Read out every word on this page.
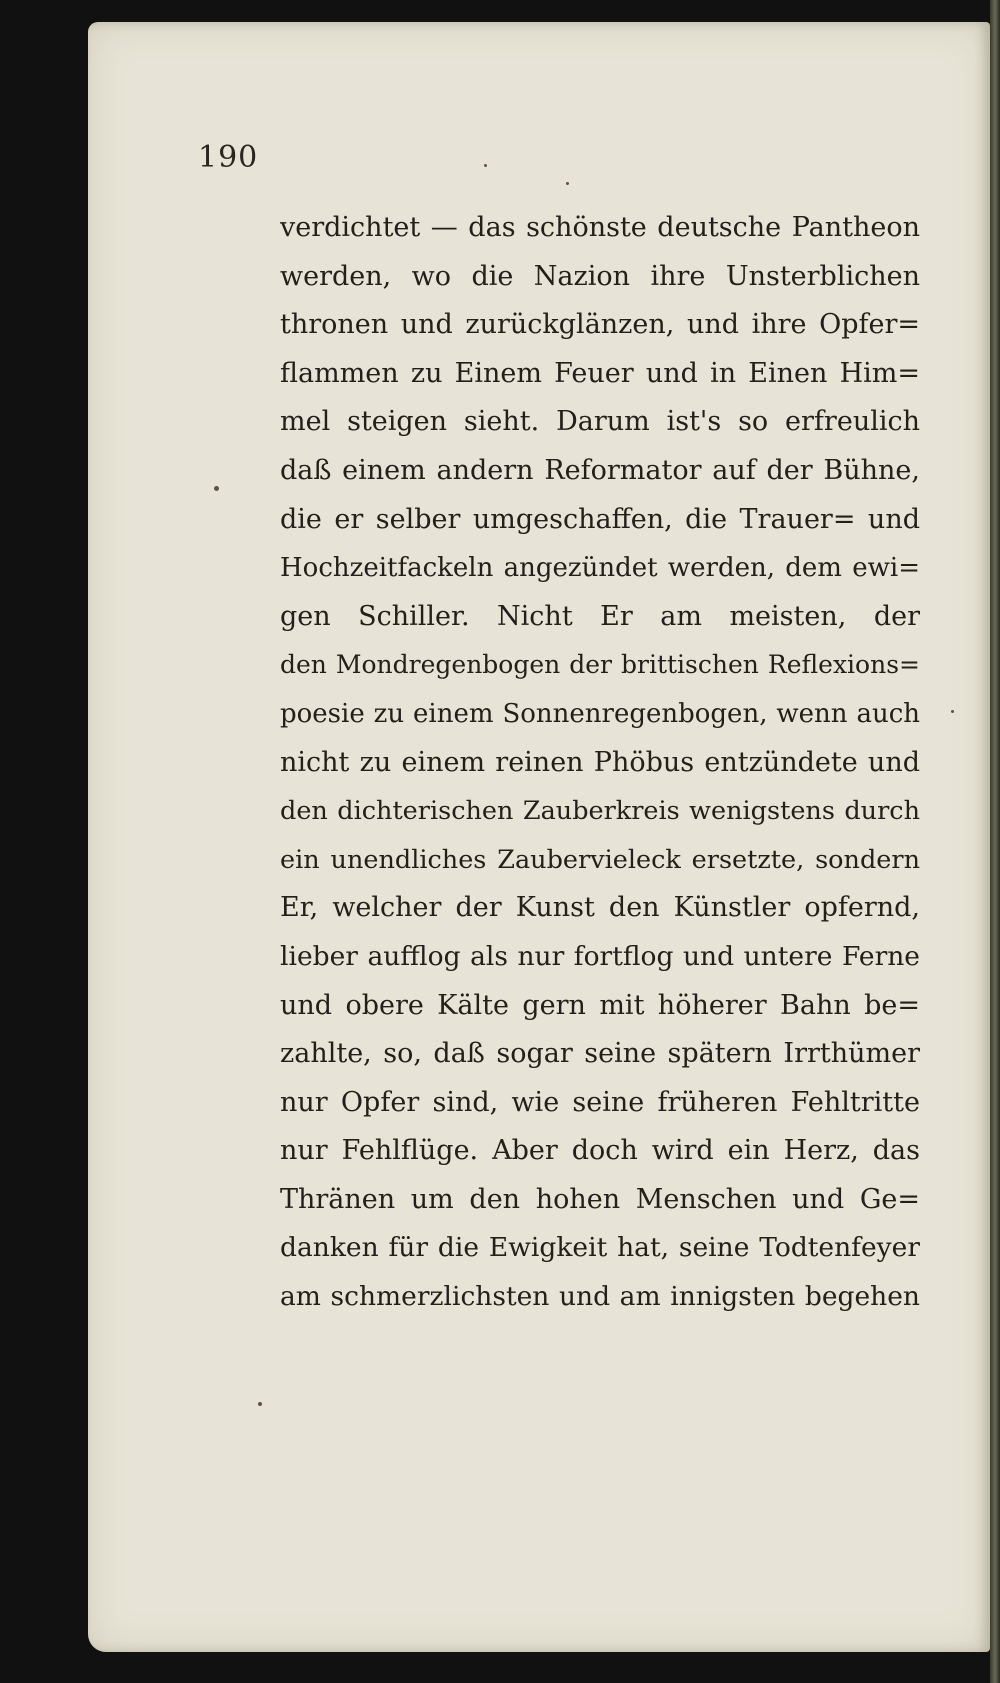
190
verdichtet — das schönste deutsche Pantheon
werden, wo die Nazion ihre Unsterblichen
thronen und zurückglänzen, und ihre Opfer=
flammen zu Einem Feuer und in Einen Him=
mel steigen sieht. Darum ist's so erfreulich
daß einem andern Reformator auf der Bühne,
die er selber umgeschaffen, die Trauer= und
Hochzeitfackeln angezündet werden, dem ewi=
gen Schiller. Nicht Er am meisten, der
den Mondregenbogen der brittischen Reflexions=
poesie zu einem Sonnenregenbogen, wenn auch
nicht zu einem reinen Phöbus entzündete und
den dichterischen Zauberkreis wenigstens durch
ein unendliches Zaubervieleck ersetzte, sondern
Er, welcher der Kunst den Künstler opfernd,
lieber aufflog als nur fortflog und untere Ferne
und obere Kälte gern mit höherer Bahn be=
zahlte, so, daß sogar seine spätern Irrthümer
nur Opfer sind, wie seine früheren Fehltritte
nur Fehlflüge. Aber doch wird ein Herz, das
Thränen um den hohen Menschen und Ge=
danken für die Ewigkeit hat, seine Todtenfeyer
am schmerzlichsten und am innigsten begehen
